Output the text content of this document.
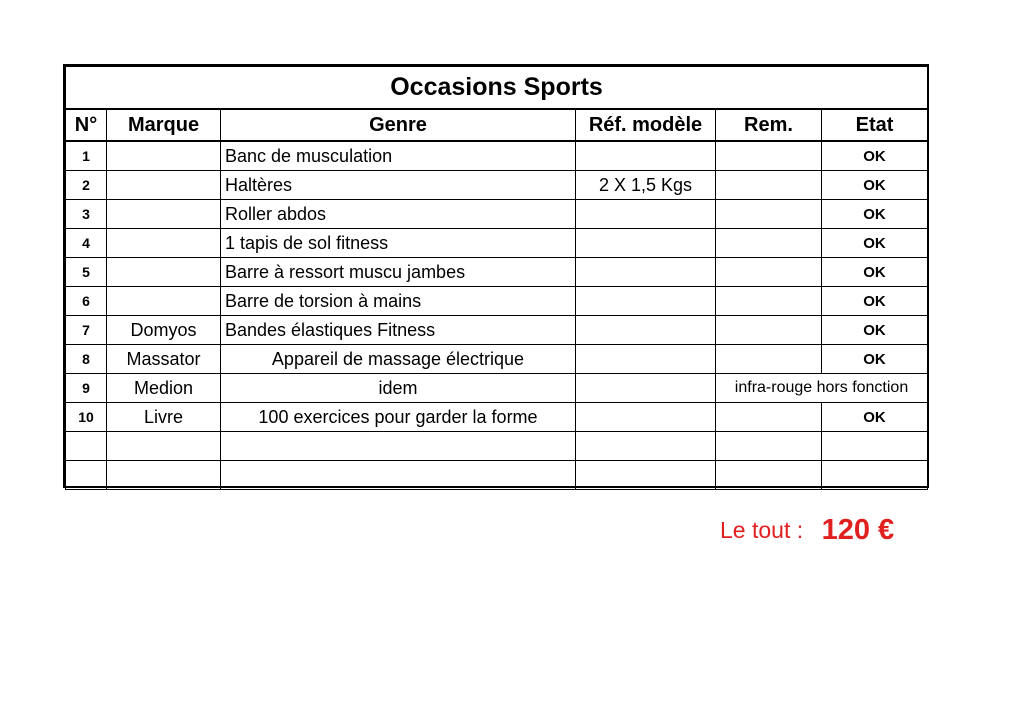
Occasions Sports					
N°	Marque	Genre	Réf. modèle	Rem.	Etat
1		Banc de musculation			OK
2		Haltères	2 X 1,5 Kgs		OK
3		Roller abdos			OK
4		1 tapis de sol fitness			OK
5		Barre à ressort muscu jambes			OK
6		Barre de torsion à mains			OK
7	Domyos	Bandes élastiques Fitness			OK
8	Massator	Appareil de massage électrique			OK
9	Medion	idem		infra-rouge hors fonction	
10	Livre	100 exercices pour garder la forme			OK

Le tout : 120 €
